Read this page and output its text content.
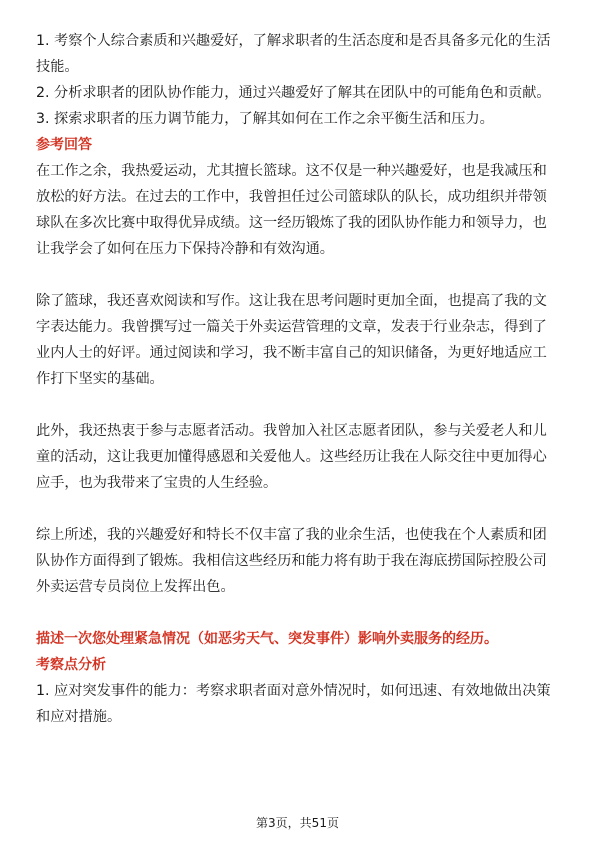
1. 考察个人综合素质和兴趣爱好，了解求职者的生活态度和是否具备多元化的生活

技能。

2. 分析求职者的团队协作能力，通过兴趣爱好了解其在团队中的可能角色和贡献。

3. 探索求职者的压力调节能力，了解其如何在工作之余平衡生活和压力。

参考回答

在工作之余，我热爱运动，尤其擅长篮球。这不仅是一种兴趣爱好，也是我减压和

放松的好方法。在过去的工作中，我曾担任过公司篮球队的队长，成功组织并带领

球队在多次比赛中取得优异成绩。这一经历锻炼了我的团队协作能力和领导力，也

让我学会了如何在压力下保持冷静和有效沟通。

除了篮球，我还喜欢阅读和写作。这让我在思考问题时更加全面，也提高了我的文

字表达能力。我曾撰写过一篇关于外卖运营管理的文章，发表于行业杂志，得到了

业内人士的好评。通过阅读和学习，我不断丰富自己的知识储备，为更好地适应工

作打下坚实的基础。

此外，我还热衷于参与志愿者活动。我曾加入社区志愿者团队，参与关爱老人和儿

童的活动，这让我更加懂得感恩和关爱他人。这些经历让我在人际交往中更加得心

应手，也为我带来了宝贵的人生经验。

综上所述，我的兴趣爱好和特长不仅丰富了我的业余生活，也使我在个人素质和团

队协作方面得到了锻炼。我相信这些经历和能力将有助于我在海底捞国际控股公司

外卖运营专员岗位上发挥出色。

描述一次您处理紧急情况（如恶劣天气、突发事件）影响外卖服务的经历。

考察点分析

1. 应对突发事件的能力：考察求职者面对意外情况时，如何迅速、有效地做出决策

和应对措施。

第3页，共51页
